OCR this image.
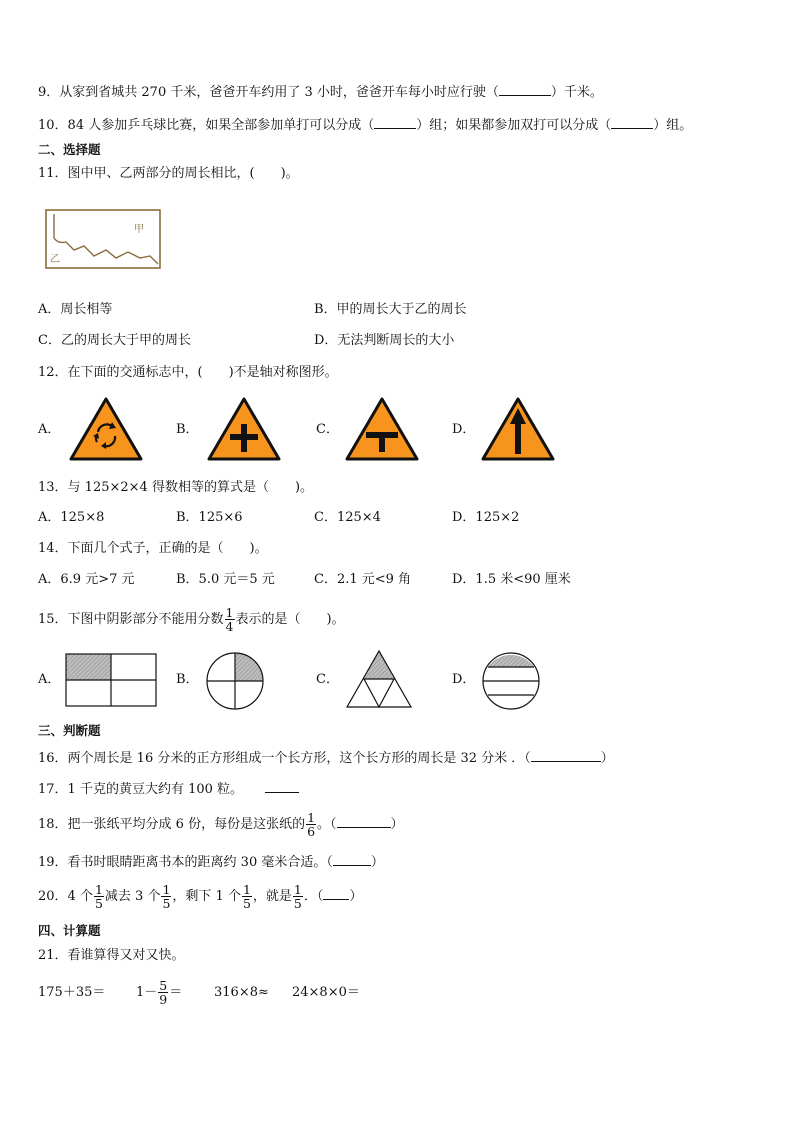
9．从家到省城共 270 千米，爸爸开车约用了 3 小时，爸爸开车每小时应行驶（	）千米。
10．84 人参加乒乓球比赛，如果全部参加单打可以分成（	）组；如果都参加双打可以分成（	）组。
二、选择题
11．图中甲、乙两部分的周长相比，(　　)。
甲
乙
A．周长相等	B．甲的周长大于乙的周长
C．乙的周长大于甲的周长	D．无法判断周长的大小
12．在下面的交通标志中，(　　)不是轴对称图形。
A．	B．	C．	D．
13．与 125×2×4 得数相等的算式是（　　)。
A．125×8	B．125×6	C．125×4	D．125×2
14．下面几个式子，正确的是（　　)。
A．6.9 元>7 元	B．5.0 元＝5 元	C．2.1 元<9 角	D．1.5 米<90 厘米
15．下图中阴影部分不能用分数 $\frac{1}{4}$ 表示的是（　　)。
A．	B．	C．	D．
三、判断题
16．两个周长是 16 分米的正方形组成一个长方形，这个长方形的周长是 32 分米 ．（	）
17．1 千克的黄豆大约有 100 粒。
18．把一张纸平均分成 6 份，每份是这张纸的 $\frac{1}{6}$ 。（	）
19．看书时眼睛距离书本的距离约 30 毫米合适。（	）
20．4 个 $\frac{1}{5}$ 减去 3 个 $\frac{1}{5}$ ，剩下 1 个 $\frac{1}{5}$ ，就是 $\frac{1}{5}$ ．（ ）
四、计算题
21．看谁算得又对又快。
$175+35= 1- \frac{5}{9} = 316\times 8\approx 24\times 8\times 0=$
